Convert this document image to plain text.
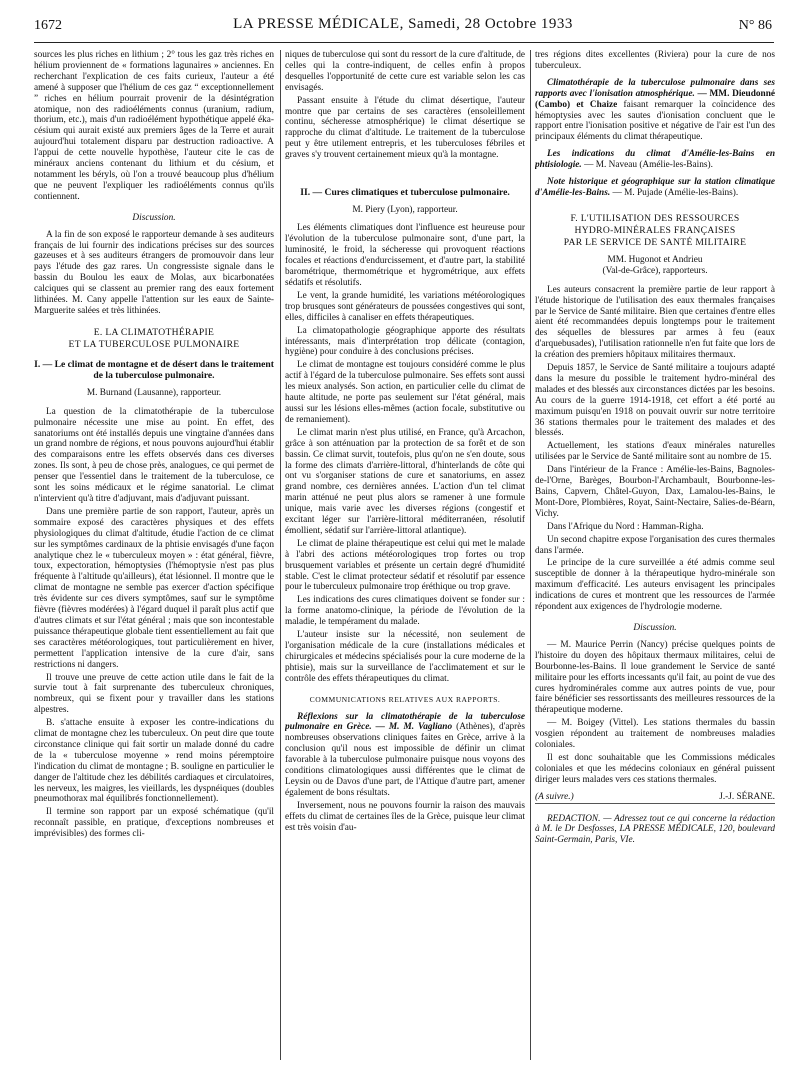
1672	LA PRESSE MÉDICALE, Samedi, 28 Octobre 1933	N° 86

sources les plus riches en lithium ; 2° tous les gaz très riches en hélium proviennent de « formations lagunaires » anciennes. En recherchant l'explication de ces faits curieux, l'auteur a été amené à supposer que l'hélium de ces gaz “ exceptionnellement ” riches en hélium pourrait provenir de la désintégration atomique, non des radioéléments connus (uranium, radium, thorium, etc.), mais d'un radioélément hypothétique appelé éka-césium qui aurait existé aux premiers âges de la Terre et aurait aujourd'hui totalement disparu par destruction radioactive. A l'appui de cette nouvelle hypothèse, l'auteur cite le cas de minéraux anciens contenant du lithium et du césium, et notamment les béryls, où l'on a trouvé beaucoup plus d'hélium que ne peuvent l'expliquer les radioéléments connus qu'ils contiennent.

Discussion.

A la fin de son exposé le rapporteur demande à ses auditeurs français de lui fournir des indications précises sur des sources gazeuses et à ses auditeurs étrangers de promouvoir dans leur pays l'étude des gaz rares. Un congressiste signale dans le bassin du Boulou les eaux de Molas, aux bicarbonatées calciques qui se classent au premier rang des eaux fortement lithinées. M. Cany appelle l'attention sur les eaux de Sainte-Marguerite salées et très lithinées.

E. LA CLIMATOTHÉRAPIE
ET LA TUBERCULOSE PULMONAIRE
I. — Le climat de montagne et de désert dans le traitement de la tuberculose pulmonaire.
M. Burnand (Lausanne), rapporteur.

La question de la climatothérapie de la tuberculose pulmonaire nécessite une mise au point. En effet, des sanatoriums ont été installés depuis une vingtaine d'années dans un grand nombre de régions, et nous pouvons aujourd'hui établir des comparaisons entre les effets observés dans ces diverses zones. Ils sont, à peu de chose près, analogues, ce qui permet de penser que l'essentiel dans le traitement de la tuberculose, ce sont les soins médicaux et le régime sanatorial. Le climat n'intervient qu'à titre d'adjuvant, mais d'adjuvant puissant.

Dans une première partie de son rapport, l'auteur, après un sommaire exposé des caractères physiques et des effets physiologiques du climat d'altitude, étudie l'action de ce climat sur les symptômes cardinaux de la phtisie envisagés d'une façon analytique chez le « tuberculeux moyen » : état général, fièvre, toux, expectoration, hémoptysies (l'hémoptysie n'est pas plus fréquente à l'altitude qu'ailleurs), état lésionnel. Il montre que le climat de montagne ne semble pas exercer d'action spécifique très évidente sur ces divers symptômes, sauf sur le symptôme fièvre (fièvres modérées) à l'égard duquel il paraît plus actif que d'autres climats et sur l'état général ; mais que son incontestable puissance thérapeutique globale tient essentiellement au fait que ses caractères météorologiques, tout particulièrement en hiver, permettent l'application intensive de la cure d'air, sans restrictions ni dangers.

Il trouve une preuve de cette action utile dans le fait de la survie tout à fait surprenante des tuberculeux chroniques, nombreux, qui se fixent pour y travailler dans les stations alpestres.

B. s'attache ensuite à exposer les contre-indications du climat de montagne chez les tuberculeux. On peut dire que toute circonstance clinique qui fait sortir un malade donné du cadre de la « tuberculose moyenne » rend moins péremptoire l'indication du climat de montagne ; B. souligne en particulier le danger de l'altitude chez les débilités cardiaques et circulatoires, les nerveux, les maigres, les vieillards, les dyspnéiques (doubles pneumothorax mal équilibrés fonctionnellement).

Il termine son rapport par un exposé schématique (qu'il reconnaît passible, en pratique, d'exceptions nombreuses et imprévisibles) des formes cli-

niques de tuberculose qui sont du ressort de la cure d'altitude, de celles qui la contre-indiquent, de celles enfin à propos desquelles l'opportunité de cette cure est variable selon les cas envisagés.

Passant ensuite à l'étude du climat désertique, l'auteur montre que par certains de ses caractères (ensoleillement continu, sécheresse atmosphérique) le climat désertique se rapproche du climat d'altitude. Le traitement de la tuberculose peut y être utilement entrepris, et les tuberculoses fébriles et graves s'y trouvent certainement mieux qu'à la montagne.

II. — Cures climatiques et tuberculose pulmonaire.
M. Piery (Lyon), rapporteur.

Les éléments climatiques dont l'influence est heureuse pour l'évolution de la tuberculose pulmonaire sont, d'une part, la luminosité, le froid, la sécheresse qui provoquent réactions focales et réactions d'endurcissement, et d'autre part, la stabilité barométrique, thermométrique et hygrométrique, aux effets sédatifs et résolutifs.

Le vent, la grande humidité, les variations météorologiques trop brusques sont générateurs de poussées congestives qui sont, elles, difficiles à canaliser en effets thérapeutiques.

La climatopathologie géographique apporte des résultats intéressants, mais d'interprétation trop délicate (contagion, hygiène) pour conduire à des conclusions précises.

Le climat de montagne est toujours considéré comme le plus actif à l'égard de la tuberculose pulmonaire. Ses effets sont aussi les mieux analysés. Son action, en particulier celle du climat de haute altitude, ne porte pas seulement sur l'état général, mais aussi sur les lésions elles-mêmes (action focale, substitutive ou de remaniement).

Le climat marin n'est plus utilisé, en France, qu'à Arcachon, grâce à son atténuation par la protection de sa forêt et de son bassin. Ce climat survit, toutefois, plus qu'on ne s'en doute, sous la forme des climats d'arrière-littoral, d'hinterlands de côte qui ont vu s'organiser stations de cure et sanatoriums, en assez grand nombre, ces dernières années. L'action d'un tel climat marin atténué ne peut plus alors se ramener à une formule unique, mais varie avec les diverses régions (congestif et excitant léger sur l'arrière-littoral méditerranéen, résolutif émollient, sédatif sur l'arrière-littoral atlantique).

Le climat de plaine thérapeutique est celui qui met le malade à l'abri des actions météorologiques trop fortes ou trop brusquement variables et présente un certain degré d'humidité stable. C'est le climat protecteur sédatif et résolutif par essence pour le tuberculeux pulmonaire trop éréthique ou trop grave.

Les indications des cures climatiques doivent se fonder sur : la forme anatomo-clinique, la période de l'évolution de la maladie, le tempérament du malade.

L'auteur insiste sur la nécessité, non seulement de l'organisation médicale de la cure (installations médicales et chirurgicales et médecins spécialisés pour la cure moderne de la phtisie), mais sur la surveillance de l'acclimatement et sur le contrôle des effets thérapeutiques du climat.

COMMUNICATIONS RELATIVES AUX RAPPORTS.

Réflexions sur la climatothérapie de la tuberculose pulmonaire en Grèce. — M. M. Vagliano (Athènes), d'après nombreuses observations cliniques faites en Grèce, arrive à la conclusion qu'il nous est impossible de définir un climat favorable à la tuberculose pulmonaire puisque nous voyons des conditions climatologiques aussi différentes que le climat de Leysin ou de Davos d'une part, de l'Attique d'autre part, amener également de bons résultats.

Inversement, nous ne pouvons fournir la raison des mauvais effets du climat de certaines îles de la Grèce, puisque leur climat est très voisin d'au-

tres régions dites excellentes (Riviera) pour la cure de nos tuberculeux.

Climatothérapie de la tuberculose pulmonaire dans ses rapports avec l'ionisation atmosphérique. — MM. Dieudonné (Cambo) et Chaize faisant remarquer la coïncidence des hémoptysies avec les sautes d'ionisation concluent que le rapport entre l'ionisation positive et négative de l'air est l'un des principaux éléments du climat thérapeutique.

Les indications du climat d'Amélie-les-Bains en phtisiologie. — M. Naveau (Amélie-les-Bains).

Note historique et géographique sur la station climatique d'Amélie-les-Bains. — M. Pujade (Amélie-les-Bains).

F. L'UTILISATION DES RESSOURCES
HYDRO-MINÉRALES FRANÇAISES
PAR LE SERVICE DE SANTÉ MILITAIRE
MM. Hugonot et Andrieu
(Val-de-Grâce), rapporteurs.

Les auteurs consacrent la première partie de leur rapport à l'étude historique de l'utilisation des eaux thermales françaises par le Service de Santé militaire. Bien que certaines d'entre elles aient été recommandées depuis longtemps pour le traitement des séquelles de blessures par armes à feu (eaux d'arquebusades), l'utilisation rationnelle n'en fut faite que lors de la création des premiers hôpitaux militaires thermaux.

Depuis 1857, le Service de Santé militaire a toujours adapté dans la mesure du possible le traitement hydro-minéral des malades et des blessés aux circonstances dictées par les besoins. Au cours de la guerre 1914-1918, cet effort a été porté au maximum puisqu'en 1918 on pouvait ouvrir sur notre territoire 36 stations thermales pour le traitement des malades et des blessés.

Actuellement, les stations d'eaux minérales naturelles utilisées par le Service de Santé militaire sont au nombre de 15.

Dans l'intérieur de la France : Amélie-les-Bains, Bagnoles-de-l'Orne, Barèges, Bourbon-l'Archambault, Bourbonne-les-Bains, Capvern, Châtel-Guyon, Dax, Lamalou-les-Bains, le Mont-Dore, Plombières, Royat, Saint-Nectaire, Salies-de-Béarn, Vichy.

Dans l'Afrique du Nord : Hamman-Righa.

Un second chapitre expose l'organisation des cures thermales dans l'armée.

Le principe de la cure surveillée a été admis comme seul susceptible de donner à la thérapeutique hydro-minérale son maximum d'efficacité. Les auteurs envisagent les principales indications de cures et montrent que les ressources de l'armée répondent aux exigences de l'hydrologie moderne.

Discussion.

— M. Maurice Perrin (Nancy) précise quelques points de l'histoire du doyen des hôpitaux thermaux militaires, celui de Bourbonne-les-Bains. Il loue grandement le Service de santé militaire pour les efforts incessants qu'il fait, au point de vue des cures hydrominérales comme aux autres points de vue, pour faire bénéficier ses ressortissants des meilleures ressources de la thérapeutique moderne.

— M. Boigey (Vittel). Les stations thermales du bassin vosgien répondent au traitement de nombreuses maladies coloniales.

Il est donc souhaitable que les Commissions médicales coloniales et que les médecins coloniaux en général puissent diriger leurs malades vers ces stations thermales.

(A suivre.)	J.-J. SÉRANE.

REDACTION. — Adressez tout ce qui concerne la rédaction à M. le Dr Desfosses, LA PRESSE MÉDICALE, 120, boulevard Saint-Germain, Paris, VIe.
